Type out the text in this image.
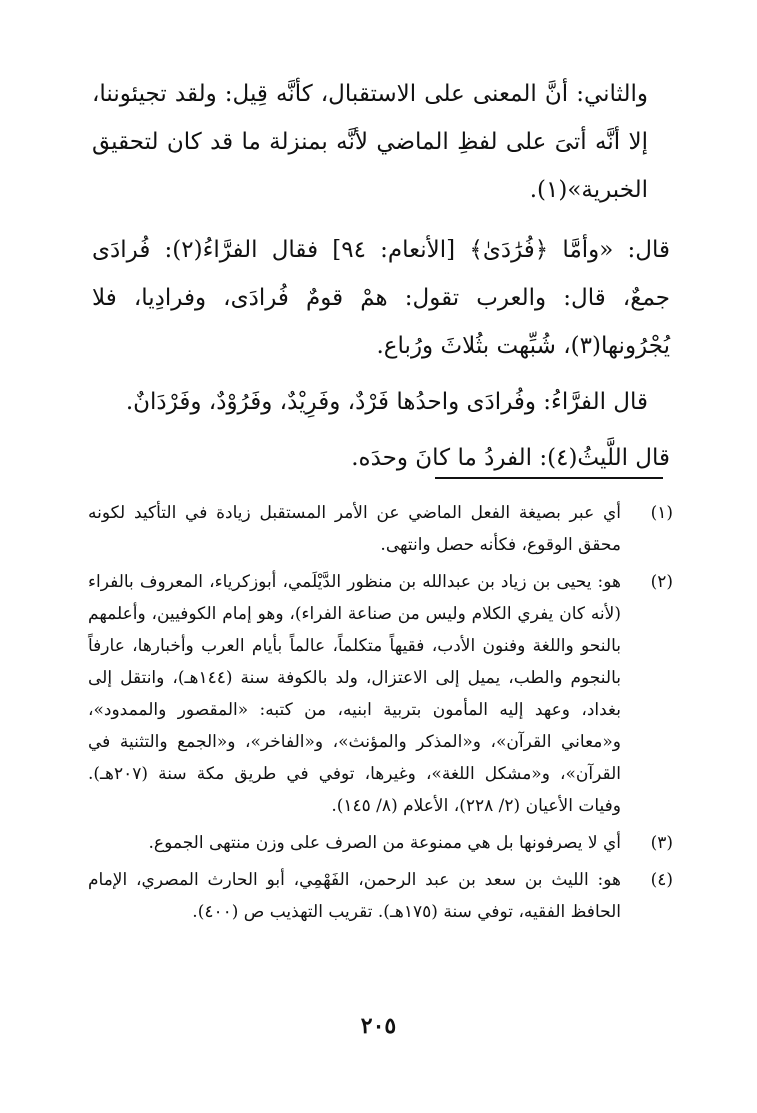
والثاني: أنَّ المعنى على الاستقبال، كأنَّه قِيل: ولقد تجيئوننا، إلا أنَّه أتىَ على لفظِ الماضي لأنَّه بمنزلة ما قد كان لتحقيق الخبرية»(١).

قال: «وأمَّا ﴿فُرَٰدَىٰ﴾ [الأنعام: ٩٤] فقال الفرَّاءُ(٢): فُرادَى جمعٌ، قال: والعرب تقول: همْ قومٌ فُرادَى، وفرادِيا، فلا يُجْرُونها(٣)، شُبِّهت بثُلاثَ ورُباع.

قال الفرَّاءُ: وفُرادَى واحدُها فَرْدٌ، وفَرِيْدٌ، وفَرُوْدٌ، وفَرْدَانٌ.

قال اللَّيثُ(٤): الفردُ ما كانَ وحدَه.

(١)
أي عبر بصيغة الفعل الماضي عن الأمر المستقبل زيادة في التأكيد لكونه محقق الوقوع، فكأنه حصل وانتهى.
(٢)
هو: يحيى بن زياد بن عبدالله بن منظور الدَّيْلَمي، أبوزكرياء، المعروف بالفراء (لأنه كان يفري الكلام وليس من صناعة الفراء)، وهو إمام الكوفيين، وأعلمهم بالنحو واللغة وفنون الأدب، فقيهاً متكلماً، عالماً بأيام العرب وأخبارها، عارفاً بالنجوم والطب، يميل إلى الاعتزال، ولد بالكوفة سنة (١٤٤هـ)، وانتقل إلى بغداد، وعهد إليه المأمون بتربية ابنيه، من كتبه: «المقصور والممدود»، و«معاني القرآن»، و«المذكر والمؤنث»، و«الفاخر»، و«الجمع والتثنية في القرآن»، و«مشكل اللغة»، وغيرها، توفي في طريق مكة سنة (٢٠٧هـ). وفيات الأعيان (٢/ ٢٢٨)، الأعلام (٨/ ١٤٥).
(٣)
أي لا يصرفونها بل هي ممنوعة من الصرف على وزن منتهى الجموع.
(٤)
هو: الليث بن سعد بن عبد الرحمن، الفَهْمِي، أبو الحارث المصري، الإمام الحافظ الفقيه، توفي سنة (١٧٥هـ). تقريب التهذيب ص (٤٠٠).
٢٠٥
